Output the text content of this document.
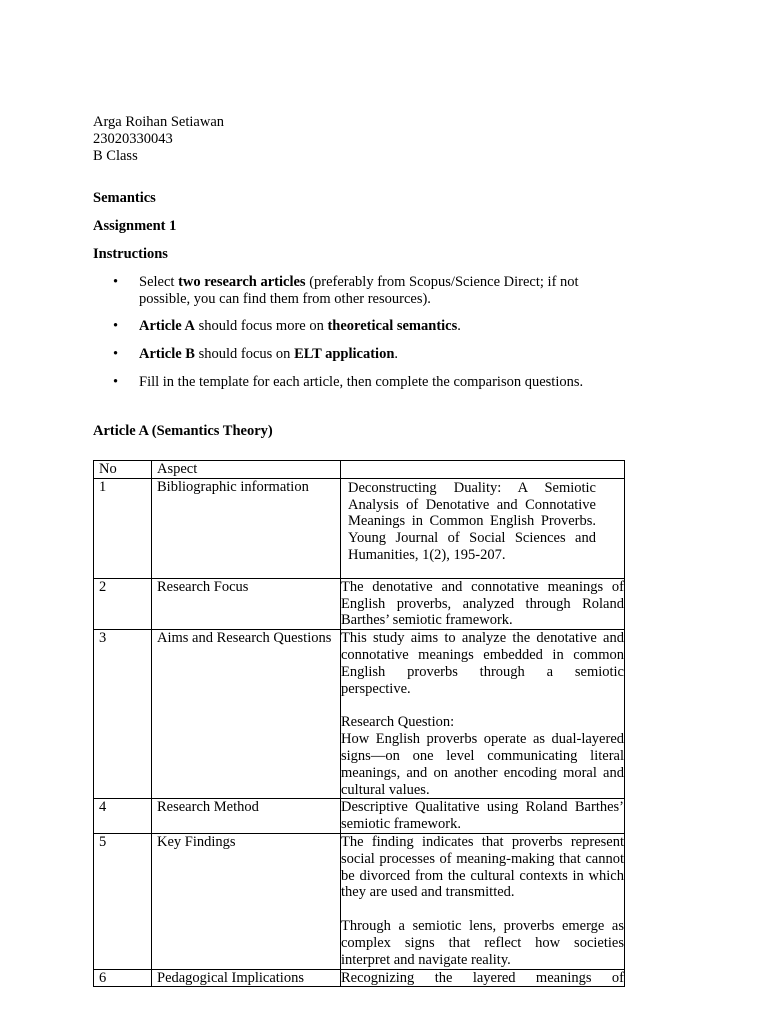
Arga Roihan Setiawan

23020330043

B Class

Semantics

Assignment 1

Instructions

• Select two research articles (preferably from Scopus/Science Direct; if not possible, you can find them from other resources).
• Article A should focus more on theoretical semantics.
• Article B should focus on ELT application.
• Fill in the template for each article, then complete the comparison questions.

Article A (Semantics Theory)

No	Aspect	
1	Bibliographic information	Deconstructing Duality: A Semiotic Analysis of Denotative and Connotative Meanings in Common English Proverbs. Young Journal of Social Sciences and Humanities, 1(2), 195-207.

2	Research Focus	The denotative and connotative meanings of English proverbs, analyzed through Roland Barthes’ semiotic framework.
3	Aims and Research Questions	This study aims to analyze the denotative and connotative meanings embedded in common English proverbs through a semiotic perspective.
Research Question:
How English proverbs operate as dual-layered signs—on one level communicating literal meanings, and on another encoding moral and cultural values.

4	Research Method	Descriptive Qualitative using Roland Barthes’ semiotic framework.
5	Key Findings	The finding indicates that proverbs represent social processes of meaning-making that cannot be divorced from the cultural contexts in which they are used and transmitted.
Through a semiotic lens, proverbs emerge as complex signs that reflect how societies interpret and navigate reality.

6	Pedagogical Implications	Recognizing the layered meanings of
